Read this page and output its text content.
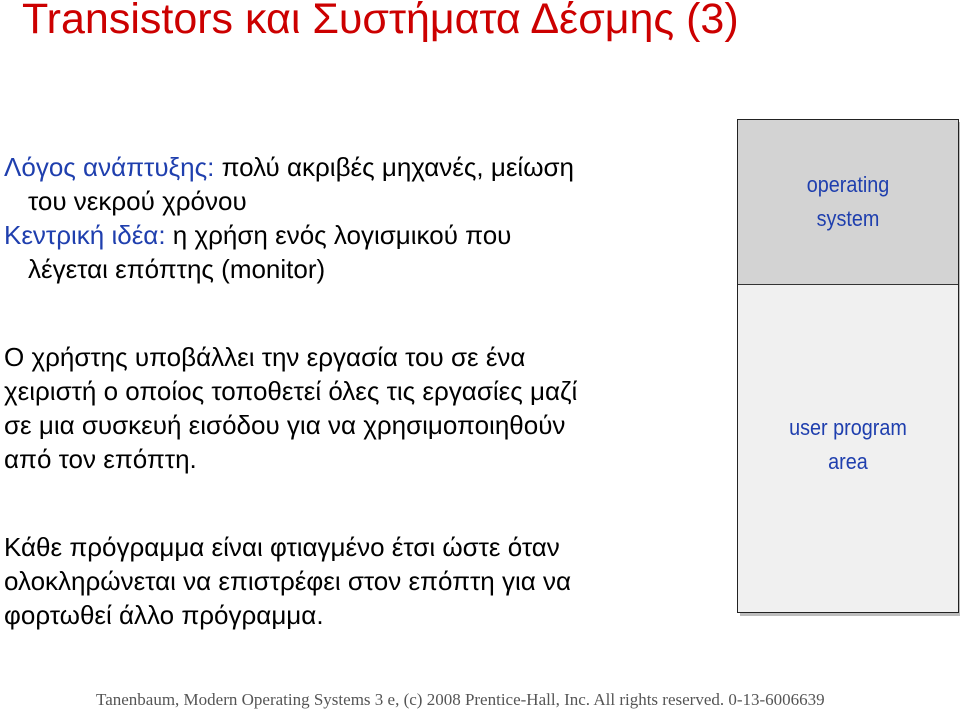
Transistors και Συστήματα Δέσμης (3)
Λόγος ανάπτυξης: πολύ ακριβές μηχανές, μείωση
του νεκρού χρόνου
Κεντρική ιδέα: η χρήση ενός λογισμικού που
λέγεται επόπτης (monitor)
Ο χρήστης υποβάλλει την εργασία του σε ένα
χειριστή ο οποίος τοποθετεί όλες τις εργασίες μαζί
σε μια συσκευή εισόδου για να χρησιμοποιηθούν
από τον επόπτη.
Κάθε πρόγραμμα είναι φτιαγμένο έτσι ώστε όταν
ολοκληρώνεται να επιστρέφει στον επόπτη για να
φορτωθεί άλλο πρόγραμμα.
operating
system
user program
area
Tanenbaum, Modern Operating Systems 3 e, (c) 2008 Prentice-Hall, Inc. All rights reserved. 0-13-6006639
